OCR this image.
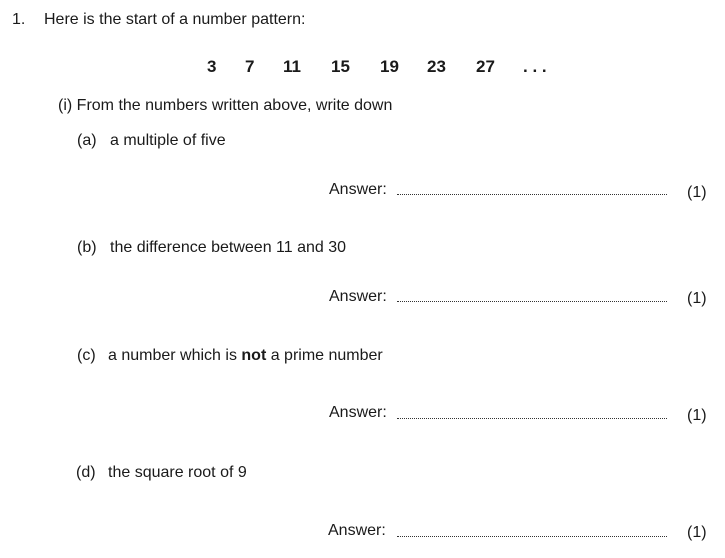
1. Here is the start of a number pattern:
3 7 11 15 19 23 27 . . .
(i) From the numbers written above, write down
(a) a multiple of five
Answer:	(1)
(b) the difference between 11 and 30
Answer:	(1)
(c) a number which is not a prime number
Answer:	(1)
(d) the square root of 9
Answer:	(1)
